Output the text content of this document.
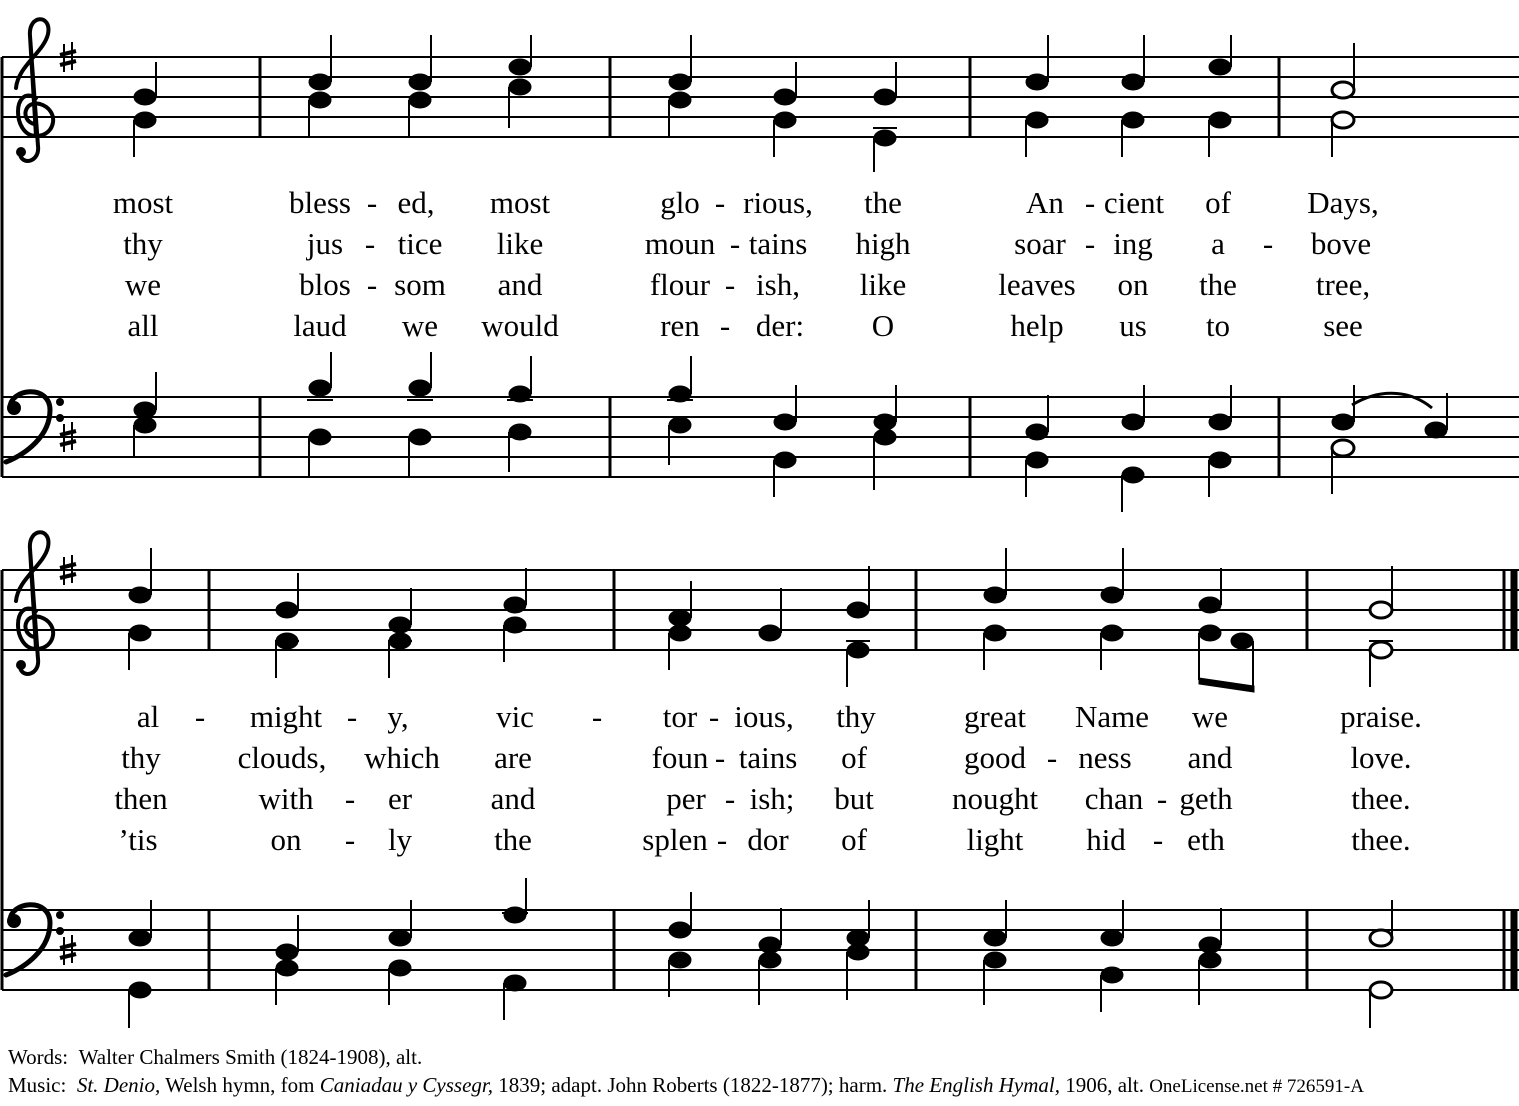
most	bless - ed, most	glo - rious, the	An - cient of Days,
thy	jus - tice like	moun - tains high	soar - ing a - bove
we	blos - som and	flour - ish, like	leaves on the	tree,
all	laud we would	ren - der: O	help us to	see
al - might - y,	vic - tor - ious, thy	great Name we	praise.
thy clouds, which are	foun - tains of	good - ness and	love.
then	with - er	and	per - ish; but	nought chan - geth	thee.
’tis	on - ly	the	splen - dor of	light hid - eth	thee.
Words: Walter Chalmers Smith (1824-1908), alt.
Music: St. Denio, Welsh hymn, fom Caniadau y Cyssegr, 1839; adapt. John Roberts (1822-1877); harm. The English Hymal, 1906, alt. OneLicense.net # 726591-A
